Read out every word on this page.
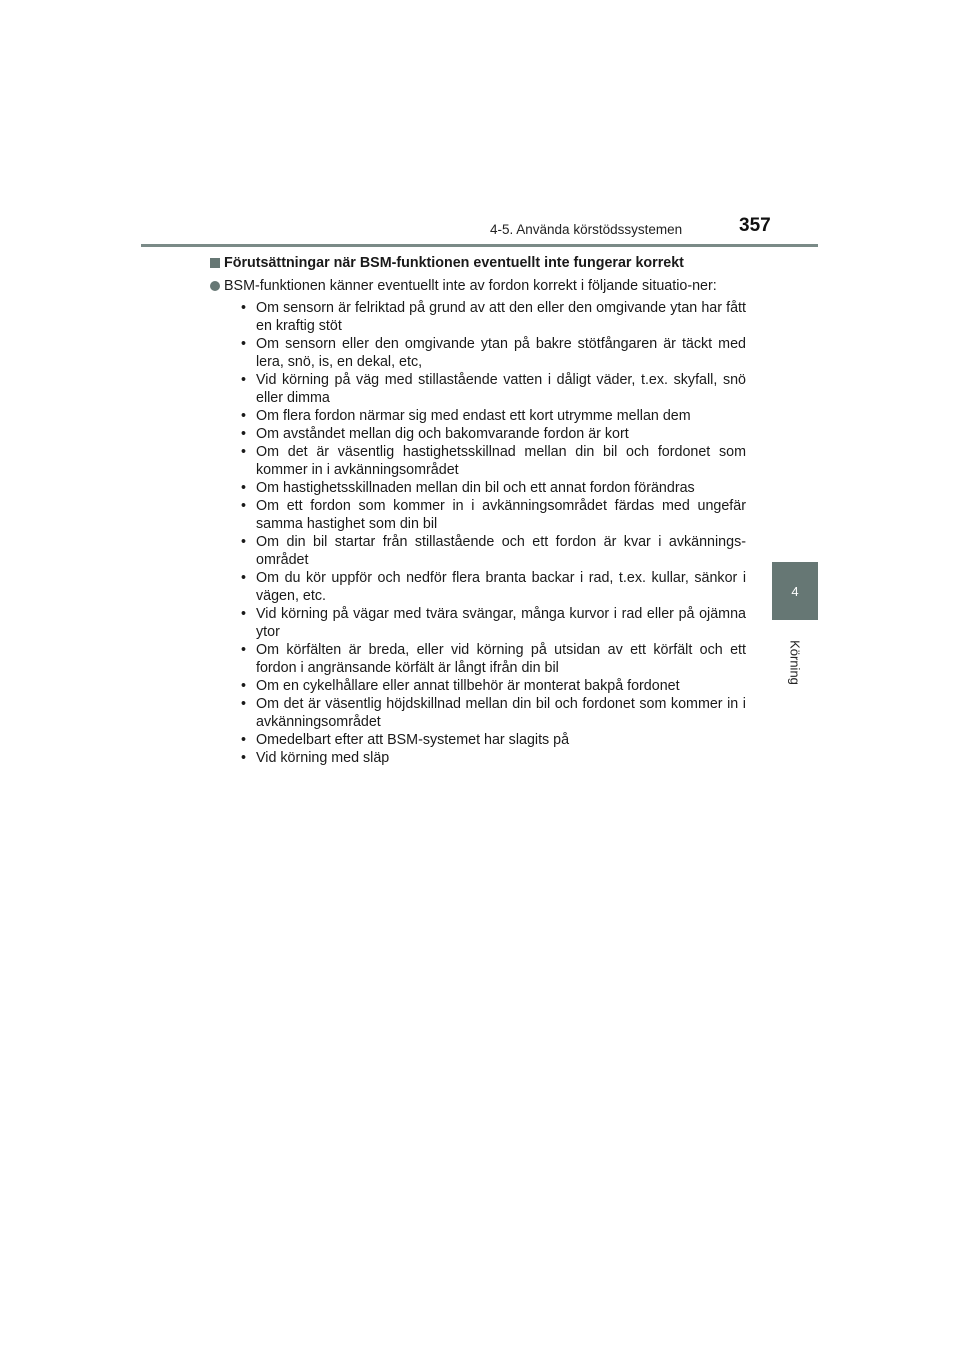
4-5. Använda körstödssystemen	357
4
Körning
Förutsättningar när BSM-funktionen eventuellt inte fungerar korrekt
BSM-funktionen känner eventuellt inte av fordon korrekt i följande situatio-ner:
• Om sensorn är felriktad på grund av att den eller den omgivande ytan har fått en kraftig stöt
• Om sensorn eller den omgivande ytan på bakre stötfångaren är täckt med lera, snö, is, en dekal, etc,
• Vid körning på väg med stillastående vatten i dåligt väder, t.ex. skyfall, snö eller dimma
• Om flera fordon närmar sig med endast ett kort utrymme mellan dem
• Om avståndet mellan dig och bakomvarande fordon är kort
• Om det är väsentlig hastighetsskillnad mellan din bil och fordonet som kommer in i avkänningsområdet
• Om hastighetsskillnaden mellan din bil och ett annat fordon förändras
• Om ett fordon som kommer in i avkänningsområdet färdas med ungefär samma hastighet som din bil
• Om din bil startar från stillastående och ett fordon är kvar i avkännings-området
• Om du kör uppför och nedför flera branta backar i rad, t.ex. kullar, sänkor i vägen, etc.
• Vid körning på vägar med tvära svängar, många kurvor i rad eller på ojämna ytor
• Om körfälten är breda, eller vid körning på utsidan av ett körfält och ett fordon i angränsande körfält är långt ifrån din bil
• Om en cykelhållare eller annat tillbehör är monterat bakpå fordonet
• Om det är väsentlig höjdskillnad mellan din bil och fordonet som kommer in i avkänningsområdet
• Omedelbart efter att BSM-systemet har slagits på
• Vid körning med släp
